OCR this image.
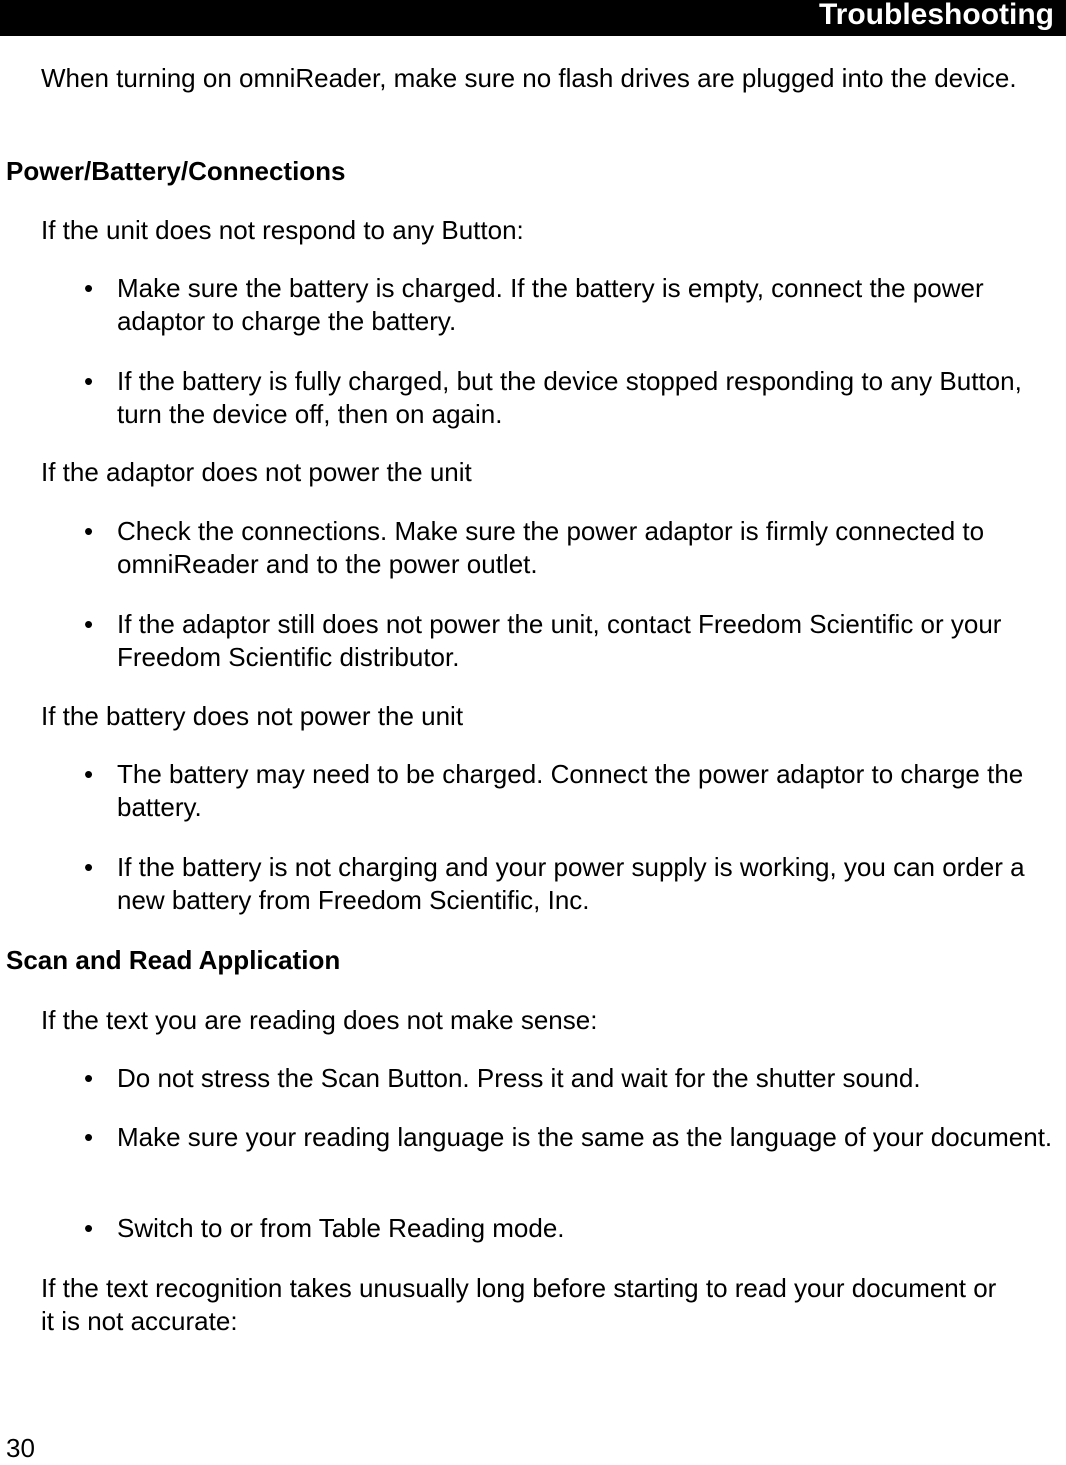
Troubleshooting

When turning on omniReader, make sure no flash drives are plugged into the device.

Power/Battery/Connections

If the unit does not respond to any Button:

• Make sure the battery is charged. If the battery is empty, connect the power adaptor to charge the battery.
• If the battery is fully charged, but the device stopped responding to any Button, turn the device off, then on again.

If the adaptor does not power the unit

• Check the connections. Make sure the power adaptor is firmly connected to omniReader and to the power outlet.
• If the adaptor still does not power the unit, contact Freedom Scientific or your Freedom Scientific distributor.

If the battery does not power the unit

• The battery may need to be charged. Connect the power adaptor to charge the battery.
• If the battery is not charging and your power supply is working, you can order a new battery from Freedom Scientific, Inc.
Scan and Read Application

If the text you are reading does not make sense:

• Do not stress the Scan Button. Press it and wait for the shutter sound.
• Make sure your reading language is the same as the language of your document.
• Switch to or from Table Reading mode.

If the text recognition takes unusually long before starting to read your document or it is not accurate:

30
